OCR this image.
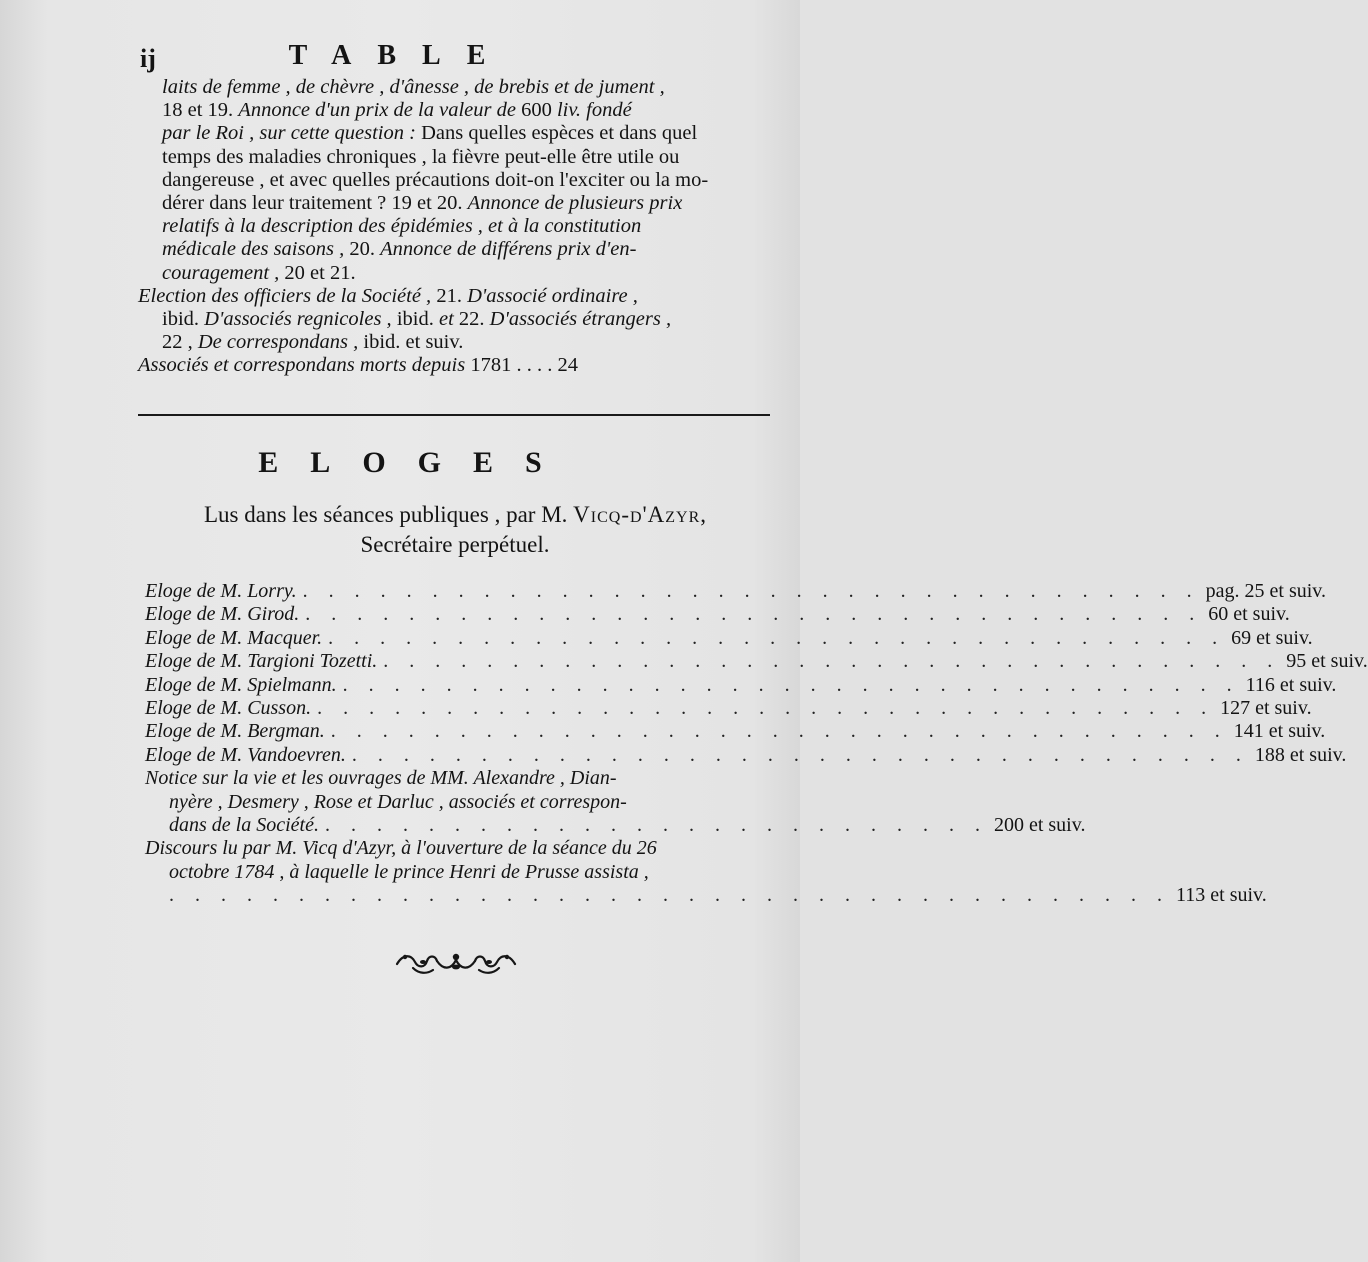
ij	TABLE

laits de femme , de chèvre , d'ânesse , de brebis et de jument ,
18 et 19. Annonce d'un prix de la valeur de 600 liv. fondé
par le Roi , sur cette question : Dans quelles espèces et dans quel
temps des maladies chroniques , la fièvre peut-elle être utile ou
dangereuse , et avec quelles précautions doit-on l'exciter ou la mo-
dérer dans leur traitement ? 19 et 20. Annonce de plusieurs prix
relatifs à la description des épidémies , et à la constitution
médicale des saisons , 20. Annonce de différens prix d'en-
couragement , 20 et 21.

Election des officiers de la Société , 21. D'associé ordinaire ,
ibid. D'associés regnicoles , ibid. et 22. D'associés étrangers ,
22 , De correspondans , ibid. et suiv.

Associés et correspondans morts depuis 1781 . . . . 24

ELOGES
Lus dans les séances publiques , par M. Vicq-d'Azyr,
Secrétaire perpétuel.
Eloge de M. Lorry. . . . . . . . . . . . . . . . . . . . . . . . . . . . . . . . . . . . pag. 25 et suiv.
Eloge de M. Girod. . . . . . . . . . . . . . . . . . . . . . . . . . . . . . . . . . . . 60 et suiv.
Eloge de M. Macquer. . . . . . . . . . . . . . . . . . . . . . . . . . . . . . . . . . . . 69 et suiv.
Eloge de M. Targioni Tozetti. . . . . . . . . . . . . . . . . . . . . . . . . . . . . . . . . . . . 95 et suiv.
Eloge de M. Spielmann. . . . . . . . . . . . . . . . . . . . . . . . . . . . . . . . . . . . 116 et suiv.
Eloge de M. Cusson. . . . . . . . . . . . . . . . . . . . . . . . . . . . . . . . . . . . 127 et suiv.
Eloge de M. Bergman. . . . . . . . . . . . . . . . . . . . . . . . . . . . . . . . . . . . 141 et suiv.
Eloge de M. Vandoevren. . . . . . . . . . . . . . . . . . . . . . . . . . . . . . . . . . . . 188 et suiv.
Notice sur la vie et les ouvrages de MM. Alexandre , Dian-
nyère , Desmery , Rose et Darluc , associés et correspon-
dans de la Société. . . . . . . . . . . . . . . . . . . . . . . . . . . 200 et suiv.
Discours lu par M. Vicq d'Azyr, à l'ouverture de la séance du 26
octobre 1784 , à laquelle le prince Henri de Prusse assista ,
. . . . . . . . . . . . . . . . . . . . . . . . . . . . . . . . . . . . . . . 113 et suiv.
